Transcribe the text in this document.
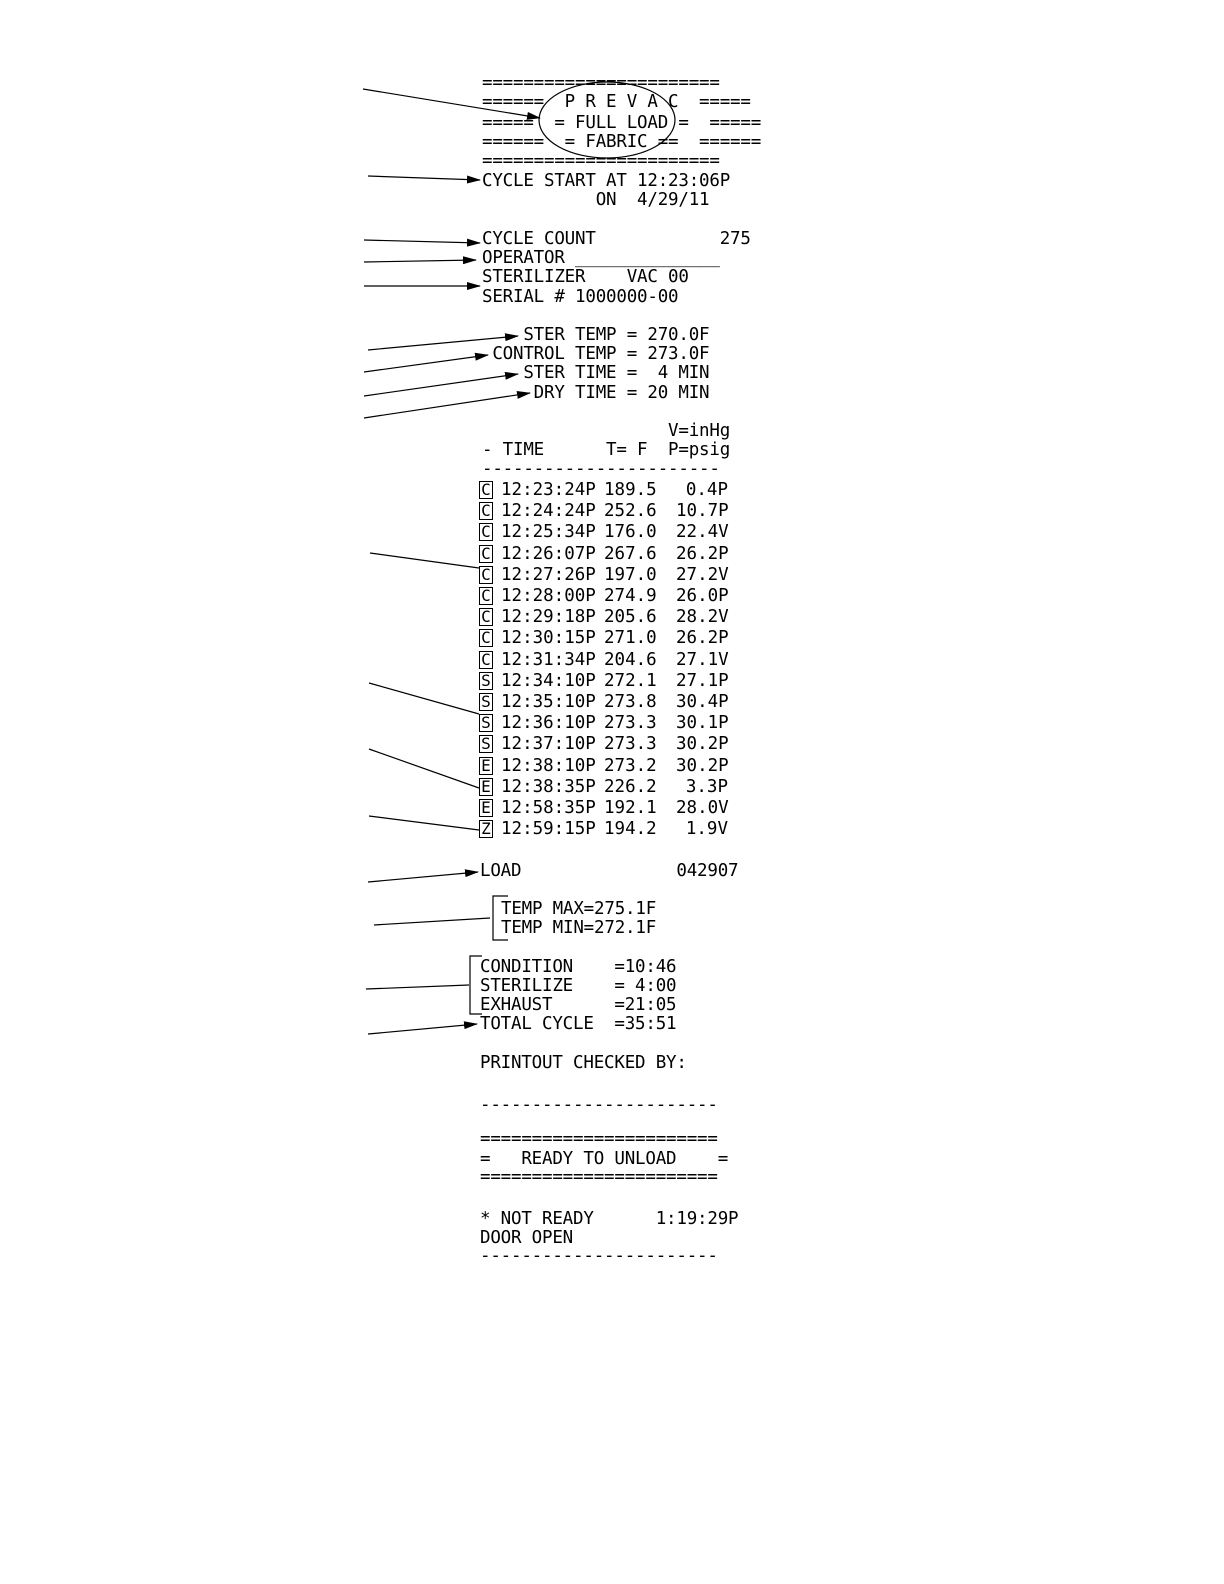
=======================
======  P R E V A C  =====
=====  = FULL LOAD =  =====
======  = FABRIC ==  ======
=======================
CYCLE START AT 12:23:06P
ON  4/29/11
CYCLE COUNT            275
OPERATOR ______________
STERILIZER    VAC 00
SERIAL # 1000000-00
STER TEMP = 270.0F
CONTROL TEMP = 273.0F
STER TIME =  4 MIN
DRY TIME = 20 MIN
V=inHg
- TIME      T= F  P=psig
-----------------------
C 12:23:24P 189.5	0.4P
C 12:24:24P 252.6 10.7P
C 12:25:34P 176.0 22.4V
C 12:26:07P 267.6 26.2P
C 12:27:26P 197.0 27.2V
C 12:28:00P 274.9 26.0P
C 12:29:18P 205.6 28.2V
C 12:30:15P 271.0 26.2P
C 12:31:34P 204.6 27.1V
S 12:34:10P 272.1 27.1P
S 12:35:10P 273.8 30.4P
S 12:36:10P 273.3 30.1P
S 12:37:10P 273.3 30.2P
E 12:38:10P 273.2 30.2P
E 12:38:35P 226.2	3.3P
E 12:58:35P 192.1 28.0V
Z 12:59:15P 194.2	1.9V
LOAD               042907
TEMP MAX=275.1F
TEMP MIN=272.1F
CONDITION    =10:46
STERILIZE    = 4:00
EXHAUST      =21:05
TOTAL CYCLE  =35:51
PRINTOUT CHECKED BY:
-----------------------
=======================
=   READY TO UNLOAD    =
=======================
* NOT READY      1:19:29P
DOOR OPEN
-----------------------
